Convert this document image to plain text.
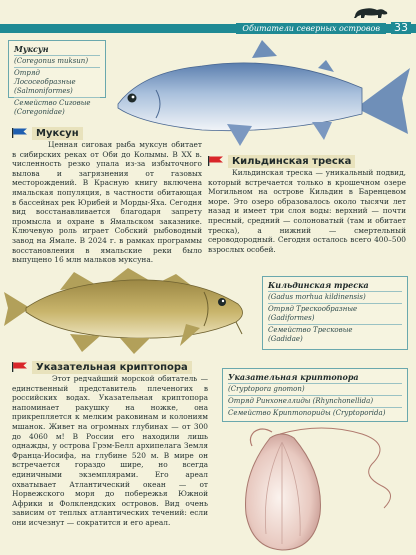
Обитатели северных островов	33
Муксун
(Coregonus muksun)
Отряд Лососеобразные
(Salmoniformes)
Семейство Сиговые
(Coregonidae)
Муксун
Ценная сиговая рыба муксун обитает в сибирских реках от Оби до Колымы. В XX в. численность резко упала из-за избыточного вылова и загрязнения от газовых месторождений. В Красную книгу включена ямальская популяция, в частности обитающая в бассейнах рек Юрибей и Морды-Яха. Сегодня вид восстанавливается благодаря запрету промысла и охране в Ямальском заказнике. Ключевую роль играет Собский рыбоводный завод на Ямале. В 2024 г. в рамках программы восстановления в ямальские реки было выпущено 16 млн мальков муксуна.
Кильдинская треска
Кильдинская треска — уникальный подвид, который встречается только в крошечном озере Могильном на острове Кильдин в Баренцевом море. Это озеро образовалось около тысячи лет назад и имеет три слоя воды: верхний — почти пресный, средний — солоноватый (там и обитает треска), а нижний — смертельный сероводородный. Сегодня осталось всего 400–500 взрослых особей.
Кильдинская треска
(Gadus morhua kildinensis)
Отряд Трескообразные
(Gadiformes)
Семейство Тресковые
(Gadidae)
Указательная криптопора
Этот редчайший морской обитатель — единственный представитель плеченогих в российских водах. Указательная криптопора напоминает ракушку на ножке, она прикрепляется к мелким раковинам и колониям мшанок. Живет на огромных глубинах — от 300 до 4060 м! В России его находили лишь однажды, у острова Грэм-Белл архипелага Земля Франца-Иосифа, на глубине 520 м. В мире он встречается гораздо шире, но всегда единичными экземплярами. Его ареал охватывает Атлантический океан — от Норвежского моря до побережья Южной Африки и Фолклендских островов. Вид очень зависим от теплых атлантических течений: если они исчезнут — сократится и его ареал.
Указательная криптопора
(Cryptopora gnomon)
Отряд Ринхонеллиды (Rhynchonellida)
Семейство Криптопориды (Cryptoporida)
